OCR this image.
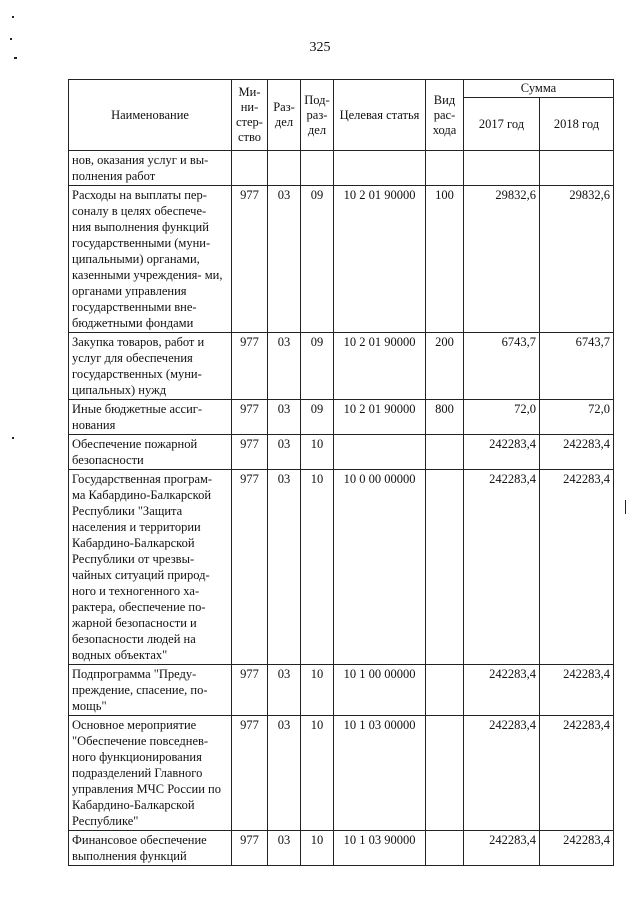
325
Наименование	Ми- ни- стер- ство	Раз- дел	Под- раз- дел	Целевая статья	Вид рас- хода	Сумма	
						2017 год	2018 год
нов, оказания услуг и вы- полнения работ							
Расходы на выплаты пер- соналу в целях обеспече- ния выполнения функций государственными (муни- ципальными) органами, казенными учреждения- ми, органами управления государственными вне- бюджетными фондами	977	03	09	10 2 01 90000	100	29832,6	29832,6
Закупка товаров, работ и услуг для обеспечения государственных (муни- ципальных) нужд	977	03	09	10 2 01 90000	200	6743,7	6743,7
Иные бюджетные ассиг- нования	977	03	09	10 2 01 90000	800	72,0	72,0
Обеспечение пожарной безопасности	977	03	10			242283,4	242283,4
Государственная програм- ма Кабардино-Балкарской Республики "Защита населения и территории Кабардино-Балкарской Республики от чрезвы- чайных ситуаций природ- ного и техногенного ха- рактера, обеспечение по- жарной безопасности и безопасности людей на водных объектах"	977	03	10	10 0 00 00000		242283,4	242283,4
Подпрограмма "Преду- преждение, спасение, по- мощь"	977	03	10	10 1 00 00000		242283,4	242283,4
Основное мероприятие "Обеспечение повседнев- ного функционирования подразделений Главного управления МЧС России по Кабардино-Балкарской Республике"	977	03	10	10 1 03 00000		242283,4	242283,4
Финансовое обеспечение выполнения функций	977	03	10	10 1 03 90000		242283,4	242283,4
